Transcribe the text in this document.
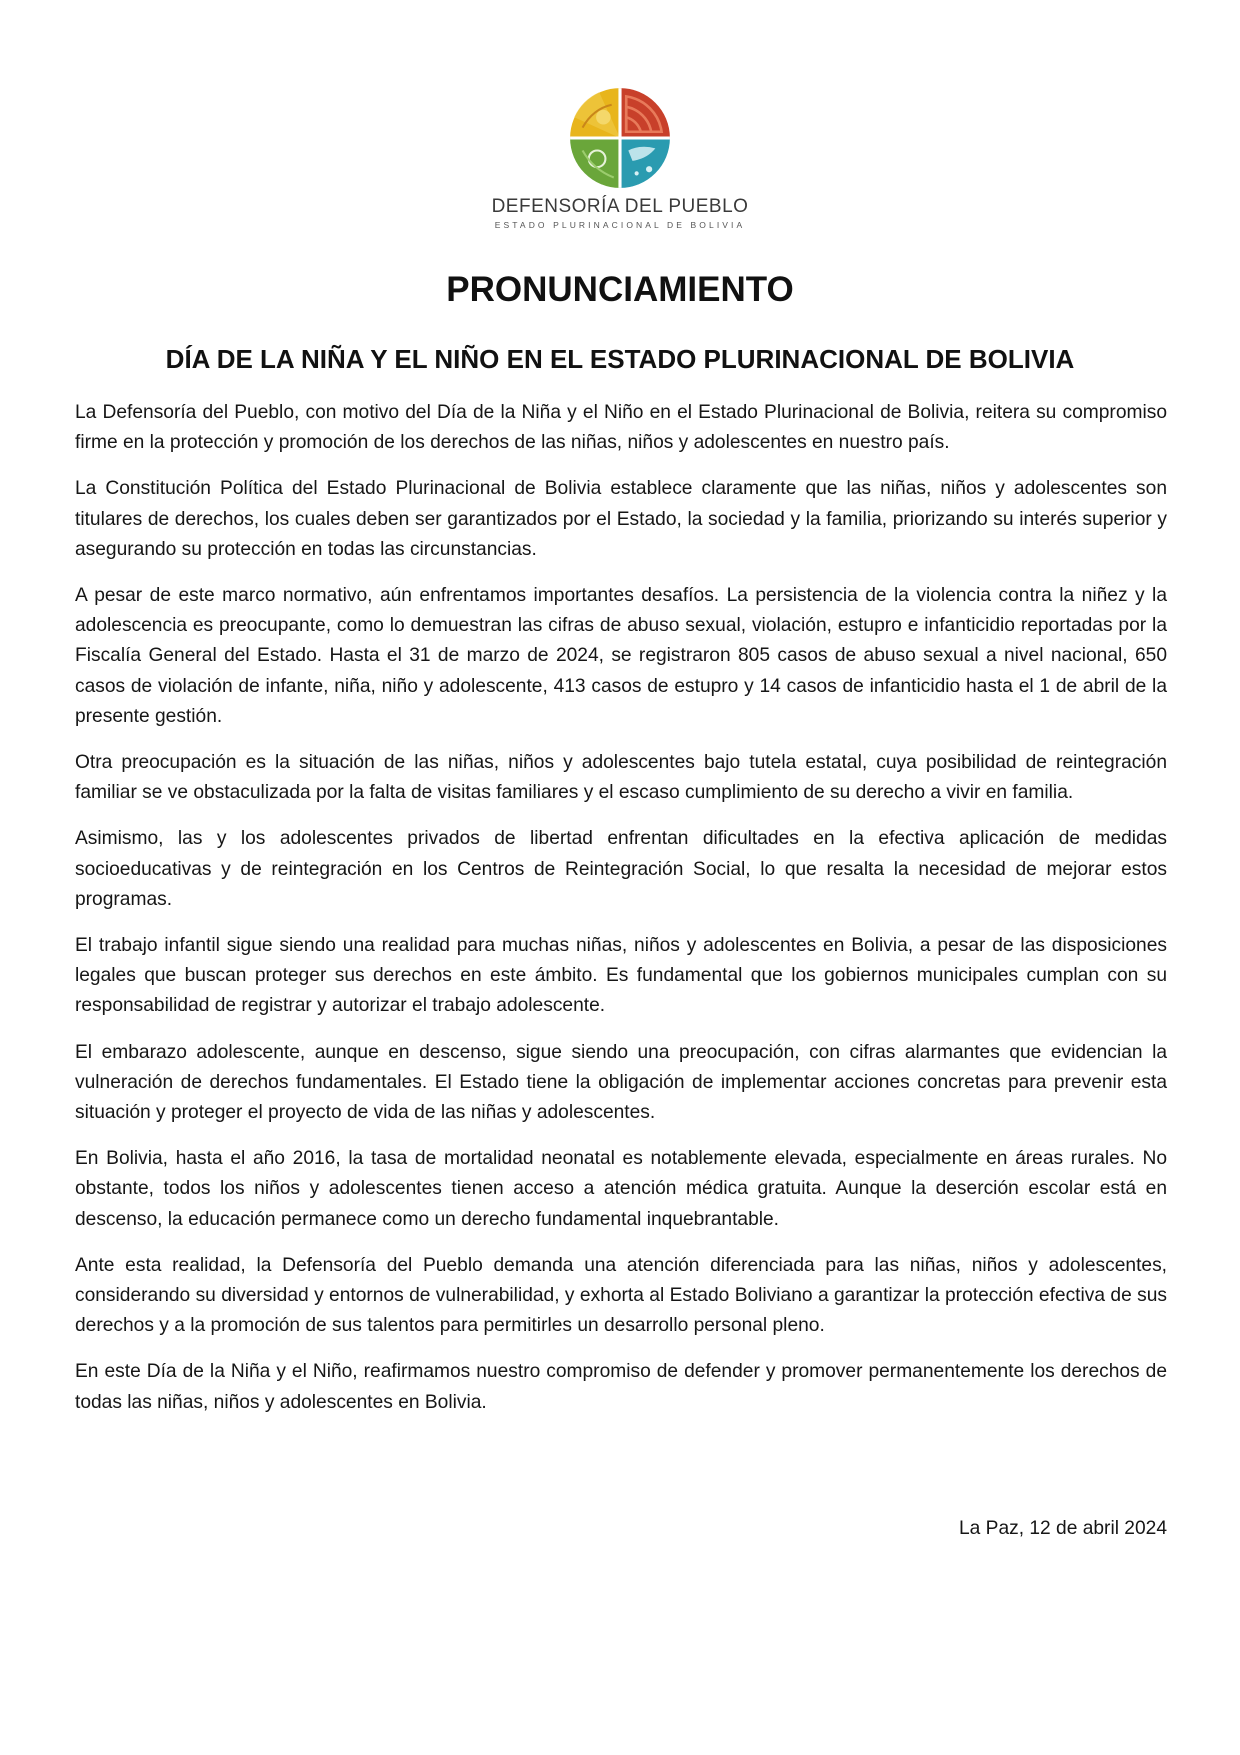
DEFENSORÍA DEL PUEBLO
ESTADO PLURINACIONAL DE BOLIVIA
PRONUNCIAMIENTO
DÍA DE LA NIÑA Y EL NIÑO EN EL ESTADO PLURINACIONAL DE BOLIVIA

La Defensoría del Pueblo, con motivo del Día de la Niña y el Niño en el Estado Plurinacional de Bolivia, reitera su compromiso firme en la protección y promoción de los derechos de las niñas, niños y adolescentes en nuestro país.

La Constitución Política del Estado Plurinacional de Bolivia establece claramente que las niñas, niños y adolescentes son titulares de derechos, los cuales deben ser garantizados por el Estado, la sociedad y la familia, priorizando su interés superior y asegurando su protección en todas las circunstancias.

A pesar de este marco normativo, aún enfrentamos importantes desafíos. La persistencia de la violencia contra la niñez y la adolescencia es preocupante, como lo demuestran las cifras de abuso sexual, violación, estupro e infanticidio reportadas por la Fiscalía General del Estado. Hasta el 31 de marzo de 2024, se registraron 805 casos de abuso sexual a nivel nacional, 650 casos de violación de infante, niña, niño y adolescente, 413 casos de estupro y 14 casos de infanticidio hasta el 1 de abril de la presente gestión.

Otra preocupación es la situación de las niñas, niños y adolescentes bajo tutela estatal, cuya posibilidad de reintegración familiar se ve obstaculizada por la falta de visitas familiares y el escaso cumplimiento de su derecho a vivir en familia.

Asimismo, las y los adolescentes privados de libertad enfrentan dificultades en la efectiva aplicación de medidas socioeducativas y de reintegración en los Centros de Reintegración Social, lo que resalta la necesidad de mejorar estos programas.

El trabajo infantil sigue siendo una realidad para muchas niñas, niños y adolescentes en Bolivia, a pesar de las disposiciones legales que buscan proteger sus derechos en este ámbito. Es fundamental que los gobiernos municipales cumplan con su responsabilidad de registrar y autorizar el trabajo adolescente.

El embarazo adolescente, aunque en descenso, sigue siendo una preocupación, con cifras alarmantes que evidencian la vulneración de derechos fundamentales. El Estado tiene la obligación de implementar acciones concretas para prevenir esta situación y proteger el proyecto de vida de las niñas y adolescentes.

En Bolivia, hasta el año 2016, la tasa de mortalidad neonatal es notablemente elevada, especialmente en áreas rurales. No obstante, todos los niños y adolescentes tienen acceso a atención médica gratuita. Aunque la deserción escolar está en descenso, la educación permanece como un derecho fundamental inquebrantable.

Ante esta realidad, la Defensoría del Pueblo demanda una atención diferenciada para las niñas, niños y adolescentes, considerando su diversidad y entornos de vulnerabilidad, y exhorta al Estado Boliviano a garantizar la protección efectiva de sus derechos y a la promoción de sus talentos para permitirles un desarrollo personal pleno.

En este Día de la Niña y el Niño, reafirmamos nuestro compromiso de defender y promover permanentemente los derechos de todas las niñas, niños y adolescentes en Bolivia.

La Paz, 12 de abril 2024
